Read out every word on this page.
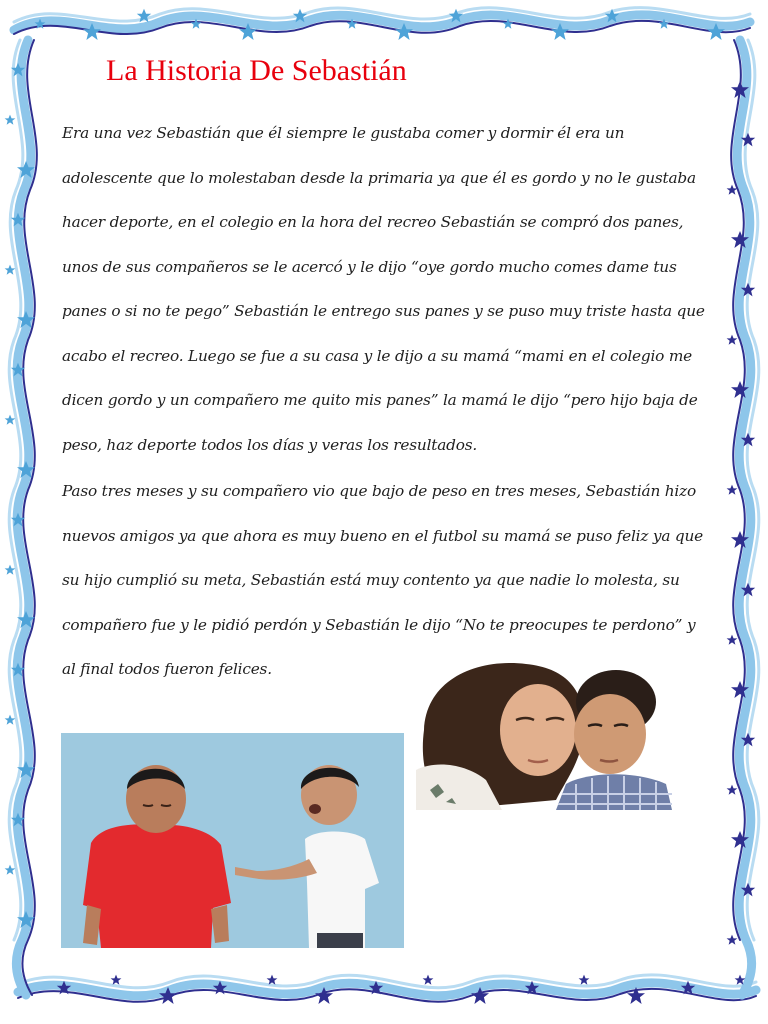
La Historia De Sebastián

Era una vez Sebastián que él siempre le gustaba comer y dormir él era un adolescente que lo molestaban desde la primaria ya que él es gordo y no le gustaba hacer deporte, en el colegio en la hora del recreo Sebastián se compró dos panes, unos de sus compañeros se le acercó y le dijo “oye gordo mucho comes dame tus panes o si no te pego” Sebastián le entrego sus panes y se puso muy triste hasta que acabo el recreo. Luego se fue a su casa y le dijo a su mamá “mami en el colegio me dicen gordo y un compañero me quito mis panes” la mamá le dijo “pero hijo baja de peso, haz deporte todos los días y veras los resultados.

Paso tres meses y su compañero vio que bajo de peso en tres meses, Sebastián hizo nuevos amigos ya que ahora es muy bueno en el futbol su mamá se puso feliz ya que su hijo cumplió su meta, Sebastián está muy contento ya que nadie lo molesta, su compañero fue y le pidió perdón y Sebastián le dijo “No te preocupes te perdono” y al final todos fueron felices.
